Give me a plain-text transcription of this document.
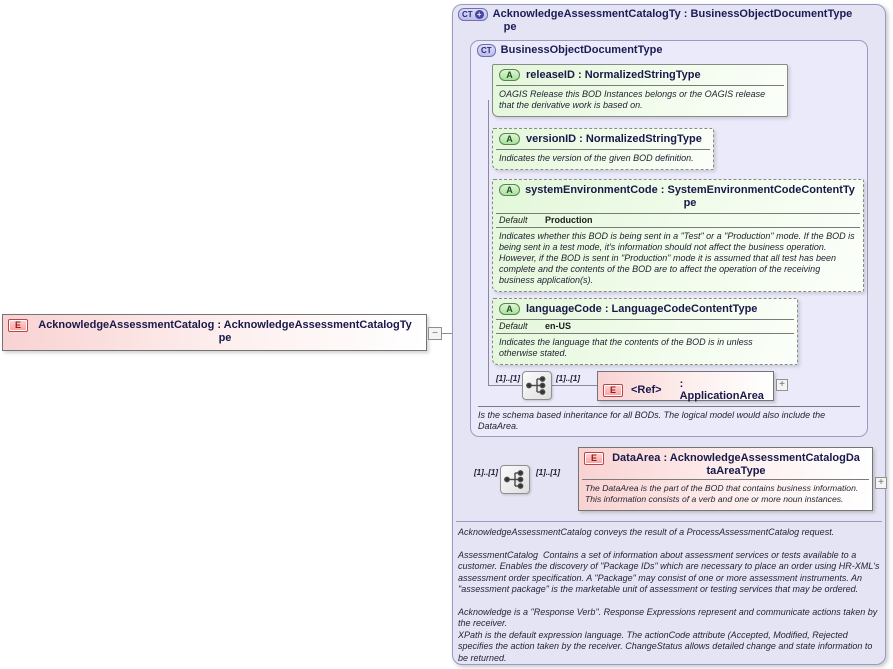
E	AcknowledgeAssessmentCatalog : AcknowledgeAssessmentCatalogTy
pe	−
CT + AcknowledgeAssessmentCatalogTy : BusinessObjectDocumentType
pe
CT BusinessObjectDocumentType
A	releaseID : NormalizedStringType
OAGIS Release this BOD Instances belongs or the OAGIS release that the derivative work is based on.
A	versionID : NormalizedStringType
Indicates the version of the given BOD definition.
A	systemEnvironmentCode : SystemEnvironmentCodeContentTy
pe
Default Production
Indicates whether this BOD is being sent in a "Test" or a "Production" mode. If the BOD is being sent in a test mode, it's information should not affect the business operation. However, if the BOD is sent in "Production" mode it is assumed that all test has been complete and the contents of the BOD are to affect the operation of the receiving business application(s).
A	languageCode : LanguageCodeContentType
Default en-US
Indicates the language that the contents of the BOD is in unless otherwise stated.
[1]..[1]	[1]..[1]
E	<Ref> : ApplicationArea
+
Is the schema based inheritance for all BODs. The logical model would also include the DataArea.
[1]..[1]	[1]..[1]
E	DataArea : AcknowledgeAssessmentCatalogDa
taAreaType
The DataArea is the part of the BOD that contains business information. This information consists of a verb and one or more noun instances.
+
AcknowledgeAssessmentCatalog conveys the result of a ProcessAssessmentCatalog request.
AssessmentCatalog  Contains a set of information about assessment services or tests available to a customer. Enables the discovery of "Package IDs" which are necessary to place an order using HR-XML's assessment order specification. A "Package" may consist of one or more assessment instruments. An "assessment package" is the marketable unit of assessment or testing services that may be ordered.
Acknowledge is a "Response Verb". Response Expressions represent and communicate actions taken by the receiver.
XPath is the default expression language. The actionCode attribute (Accepted, Modified, Rejected specifies the action taken by the receiver. ChangeStatus allows detailed change and state information to be returned.
